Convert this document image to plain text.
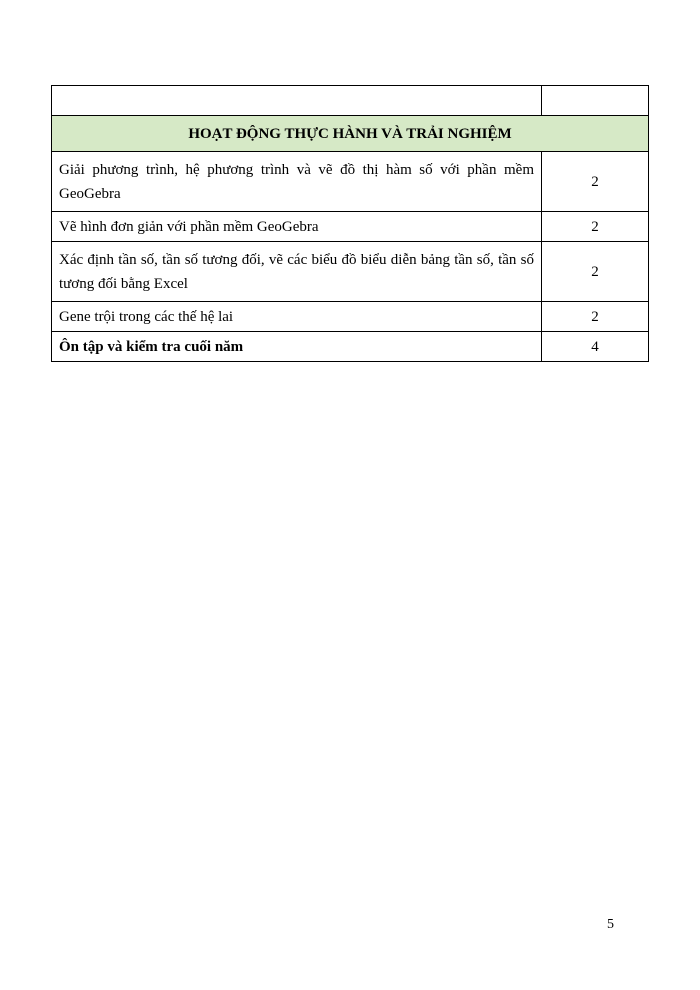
HOẠT ĐỘNG THỰC HÀNH VÀ TRẢI NGHIỆM	
Giải phương trình, hệ phương trình và vẽ đồ thị hàm số với phần mềm GeoGebra	2
Vẽ hình đơn giản với phần mềm GeoGebra	2
Xác định tần số, tần số tương đối, vẽ các biểu đồ biểu diễn bảng tần số, tần số tương đối bằng Excel	2
Gene trội trong các thế hệ lai	2
Ôn tập và kiểm tra cuối năm	4
5
